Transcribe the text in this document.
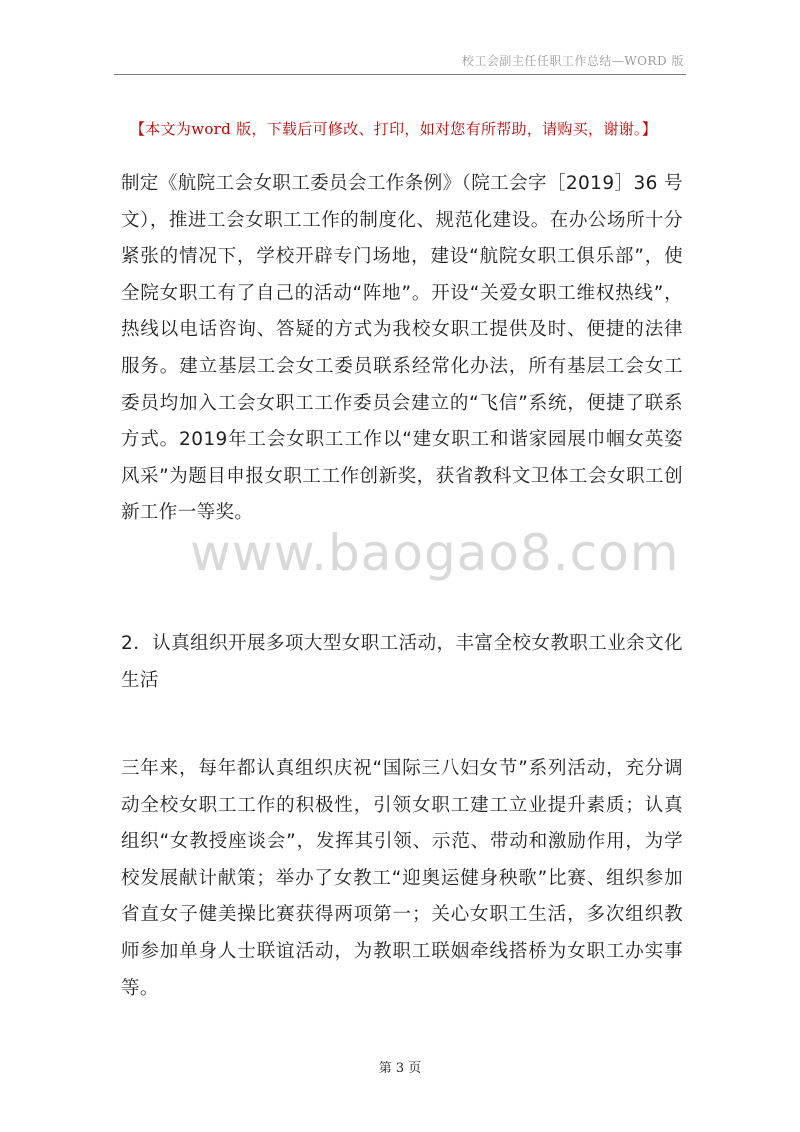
校工会副主任任职工作总结—WORD 版
【本文为word 版，下载后可修改、打印，如对您有所帮助，请购买，谢谢。】
www.baogao8.com
制定《航院工会女职工委员会工作条例》（院工会字［2019］36 号文），推进工会女职工工作的制度化、规范化建设。在办公场所十分紧张的情况下，学校开辟专门场地，建设“航院女职工俱乐部”，使全院女职工有了自己的活动“阵地”。开设“关爱女职工维权热线”，热线以电话咨询、答疑的方式为我校女职工提供及时、便捷的法律服务。建立基层工会女工委员联系经常化办法，所有基层工会女工委员均加入工会女职工工作委员会建立的“飞信”系统，便捷了联系方式。2019年工会女职工工作以“建女职工和谐家园展巾帼女英姿风采”为题目申报女职工工作创新奖，获省教科文卫体工会女职工创新工作一等奖。
2．认真组织开展多项大型女职工活动，丰富全校女教职工业余文化生活
三年来，每年都认真组织庆祝“国际三八妇女节”系列活动，充分调动全校女职工工作的积极性，引领女职工建工立业提升素质；认真组织“女教授座谈会”，发挥其引领、示范、带动和激励作用，为学校发展献计献策；举办了女教工“迎奥运健身秧歌”比赛、组织参加省直女子健美操比赛获得两项第一；关心女职工生活，多次组织教师参加单身人士联谊活动，为教职工联姻牵线搭桥为女职工办实事等。
第 3 页
